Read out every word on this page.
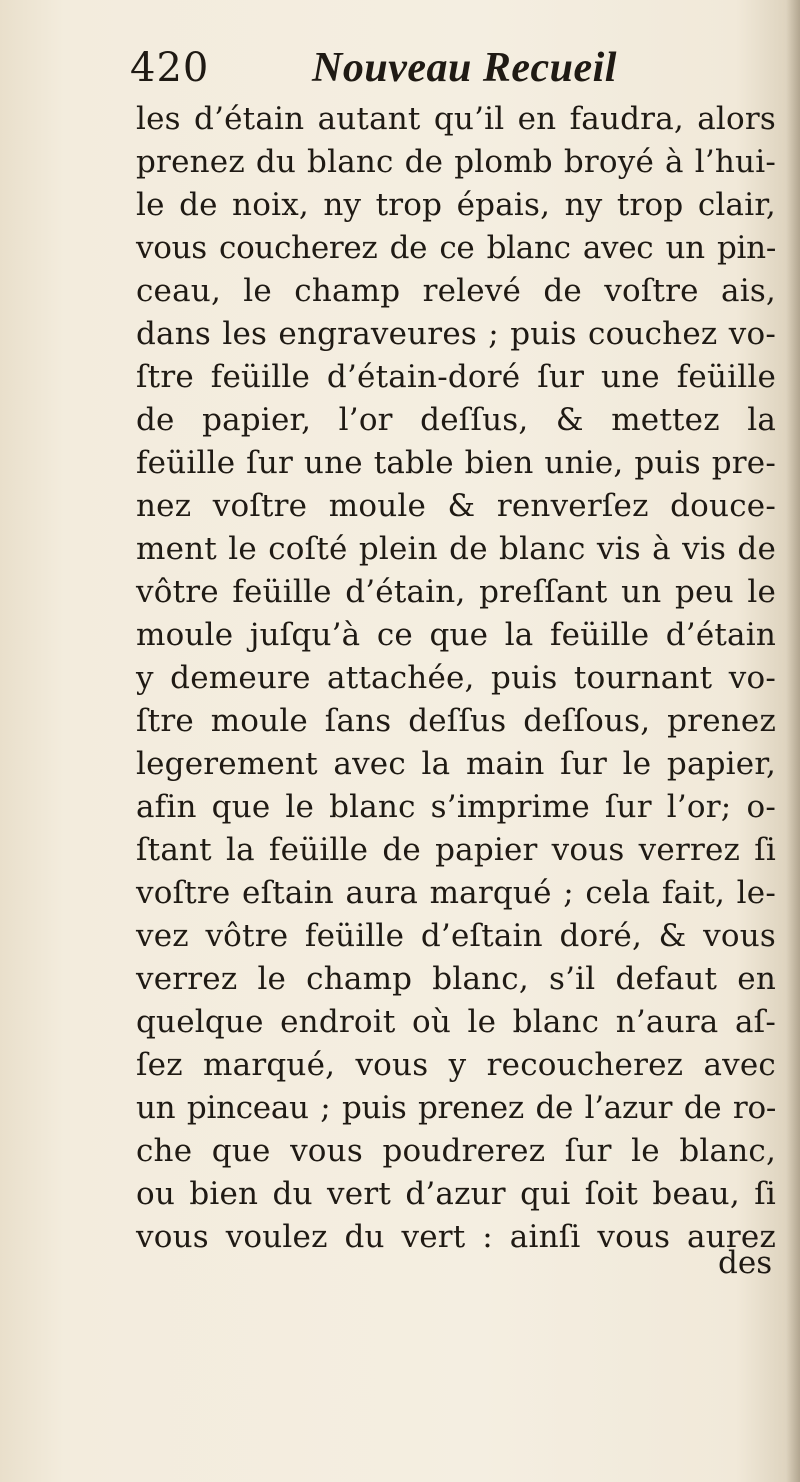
420 Nouveau Recueil
les d’étain autant qu’il en faudra, alors
prenez du blanc de plomb broyé à l’hui-
le de noix, ny trop épais, ny trop clair,
vous coucherez de ce blanc avec un pin-
ceau, le champ relevé de voſtre ais,
dans les engraveures ; puis couchez vo-
ſtre feüille d’étain-doré ſur une feüille
de papier, l’or deſſus, & mettez la
feüille ſur une table bien unie, puis pre-
nez voſtre moule & renverſez douce-
ment le coſté plein de blanc vis à vis de
vôtre feüille d’étain, preſſant un peu le
moule juſqu’à ce que la feüille d’étain
y demeure attachée, puis tournant vo-
ſtre moule ſans deſſus deſſous, prenez
legerement avec la main ſur le papier,
afin que le blanc s’imprime ſur l’or; o-
ſtant la feüille de papier vous verrez ſi
voſtre eſtain aura marqué ; cela fait, le-
vez vôtre feüille d’eſtain doré, & vous
verrez le champ blanc, s’il defaut en
quelque endroit où le blanc n’aura aſ-
ſez marqué, vous y recoucherez avec
un pinceau ; puis prenez de l’azur de ro-
che que vous poudrerez ſur le blanc,
ou bien du vert d’azur qui ſoit beau, ſi
vous voulez du vert : ainſi vous aurez
des
